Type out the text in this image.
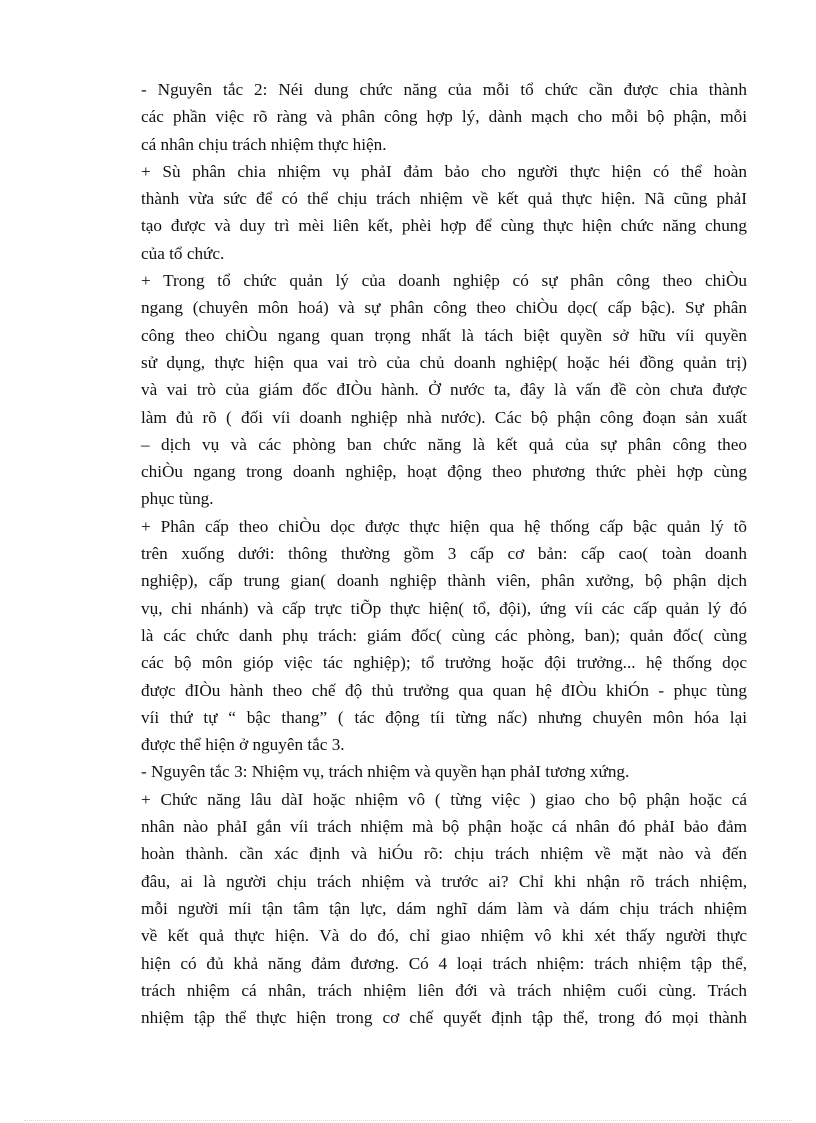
- Nguyên tắc 2: Néi dung chức năng của mỗi tổ chức cần được chia thành
các phần việc rõ ràng và phân công hợp lý, dành mạch cho mỗi bộ phận, mỗi
cá nhân chịu trách nhiệm thực hiện.
+ Sù phân chia nhiệm vụ phảI đảm bảo cho người thực hiện có thể hoàn
thành vừa sức để có thể chịu trách nhiệm về kết quả thực hiện. Nã cũng phảI
tạo được và duy trì mèi liên kết, phèi hợp để cùng thực hiện chức năng chung
của tổ chức.
+ Trong tổ chức quản lý của doanh nghiệp có sự phân công theo chiÒu
ngang (chuyên môn hoá) và sự phân công theo chiÒu dọc( cấp bậc). Sự phân
công theo chiÒu ngang quan trọng nhất là tách biệt quyền sở hữu víi quyền
sử dụng, thực hiện qua vai trò của chủ doanh nghiệp( hoặc héi đồng quản trị)
và vai trò của giám đốc đIÒu hành. Ở nước ta, đây là vấn đề còn chưa được
làm đủ rõ ( đối víi doanh nghiệp nhà nước). Các bộ phận công đoạn sản xuất
– dịch vụ và các phòng ban chức năng là kết quả của sự phân công theo
chiÒu ngang trong doanh nghiệp, hoạt động theo phương thức phèi hợp cùng
phục tùng.
+ Phân cấp theo chiÒu dọc được thực hiện qua hệ thống cấp bậc quản lý tõ
trên xuống dưới: thông thường gồm 3 cấp cơ bản: cấp cao( toàn doanh
nghiệp), cấp trung gian( doanh nghiệp thành viên, phân xưởng, bộ phận dịch
vụ, chi nhánh) và cấp trực tiÕp thực hiện( tổ, đội), ứng víi các cấp quản lý đó
là các chức danh phụ trách: giám đốc( cùng các phòng, ban); quản đốc( cùng
các bộ môn gióp việc tác nghiệp); tổ trưởng hoặc đội trưởng... hệ thống dọc
được đIÒu hành theo chế độ thủ trưởng qua quan hệ đIÒu khiÓn - phục tùng
víi thứ tự “ bậc thang” ( tác động tíi từng nấc) nhưng chuyên môn hóa lại
được thể hiện ở nguyên tắc 3.
- Nguyên tắc 3: Nhiệm vụ, trách nhiệm và quyền hạn phảI tương xứng.
+ Chức năng lâu dàI hoặc nhiệm vô ( từng việc ) giao cho bộ phận hoặc cá
nhân nào phảI gắn víi trách nhiệm mà bộ phận hoặc cá nhân đó phảI bảo đảm
hoàn thành. cần xác định và hiÓu rõ: chịu trách nhiệm về mặt nào và đến
đâu, ai là người chịu trách nhiệm và trước ai? Chỉ khi nhận rõ trách nhiệm,
mỗi người míi tận tâm tận lực, dám nghĩ dám làm và dám chịu trách nhiệm
về kết quả thực hiện. Và do đó, chỉ giao nhiệm vô khi xét thấy người thực
hiện có đủ khả năng đảm đương. Có 4 loại trách nhiệm: trách nhiệm tập thể,
trách nhiệm cá nhân, trách nhiệm liên đới và trách nhiệm cuối cùng. Trách
nhiệm tập thể thực hiện trong cơ chế quyết định tập thể, trong đó mọi thành
